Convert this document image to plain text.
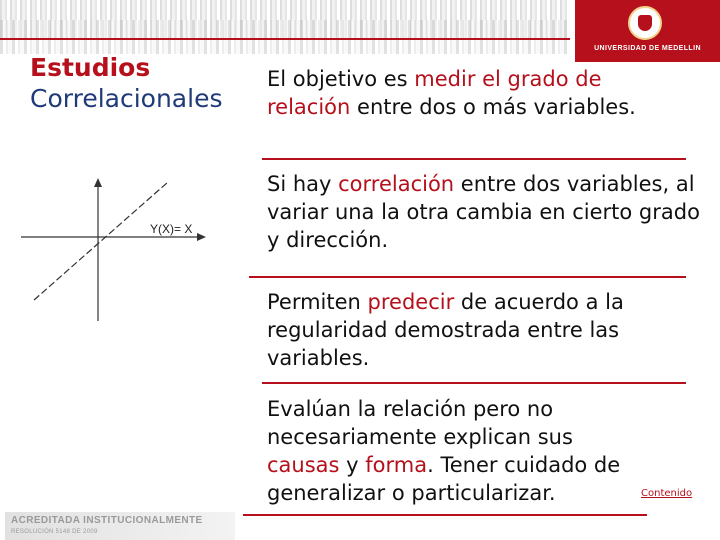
UNIVERSIDAD DE MEDELLIN
Estudios
Correlacionales
Y(X)= X
El objetivo es medir el grado de relación entre dos o más variables.
Si hay correlación entre dos variables, al variar una la otra cambia en cierto grado y dirección.
Permiten predecir de acuerdo a la regularidad demostrada entre las variables.
Evalúan la relación pero no necesariamente explican sus causas y forma. Tener cuidado de generalizar o particularizar.	Contenido
ACREDITADA INSTITUCIONALMENTE
RESOLUCIÓN 5148 DE 2009
